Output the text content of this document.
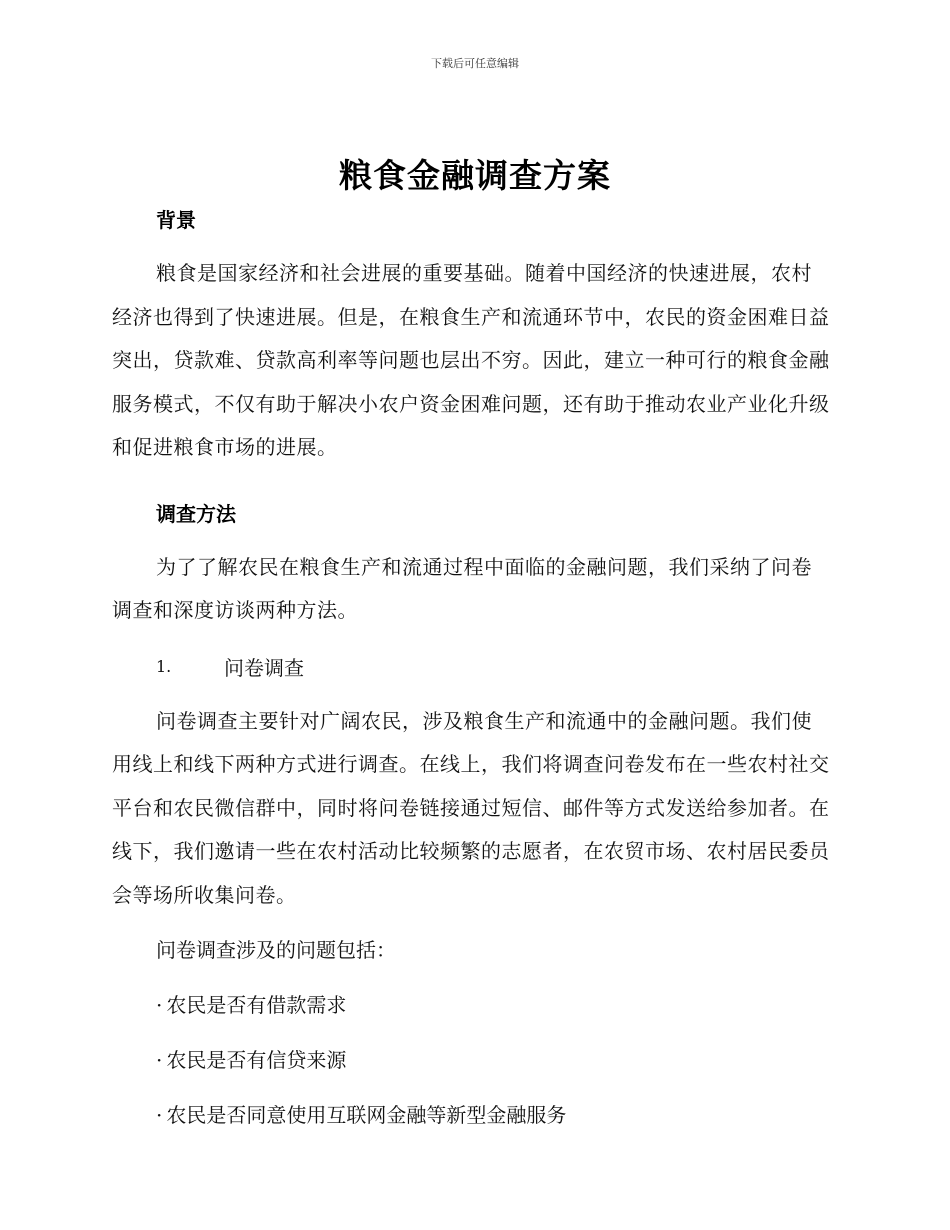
下载后可任意编辑
粮食金融调查方案
背景

粮食是国家经济和社会进展的重要基础。随着中国经济的快速进展，农村经济也得到了快速进展。但是，在粮食生产和流通环节中，农民的资金困难日益突出，贷款难、贷款高利率等问题也层出不穷。因此，建立一种可行的粮食金融服务模式，不仅有助于解决小农户资金困难问题，还有助于推动农业产业化升级和促进粮食市场的进展。

调查方法

为了了解农民在粮食生产和流通过程中面临的金融问题，我们采纳了问卷调查和深度访谈两种方法。

1.	问卷调查

问卷调查主要针对广阔农民，涉及粮食生产和流通中的金融问题。我们使用线上和线下两种方式进行调查。在线上，我们将调查问卷发布在一些农村社交平台和农民微信群中，同时将问卷链接通过短信、邮件等方式发送给参加者。在线下，我们邀请一些在农村活动比较频繁的志愿者，在农贸市场、农村居民委员会等场所收集问卷。

问卷调查涉及的问题包括：
· 农民是否有借款需求
· 农民是否有信贷来源
· 农民是否同意使用互联网金融等新型金融服务
